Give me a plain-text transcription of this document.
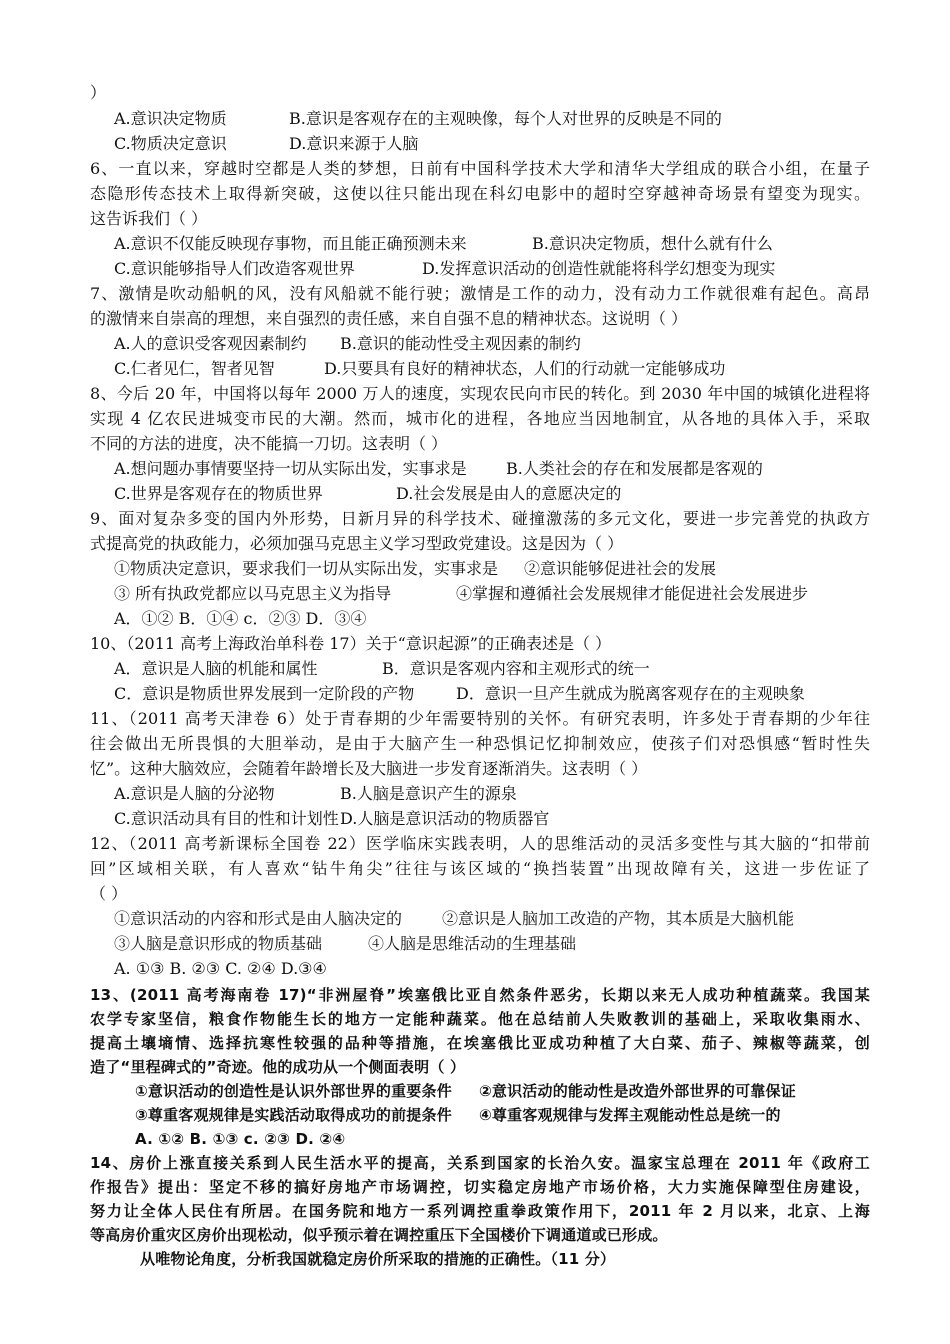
）
A.意识决定物质	B.意识是客观存在的主观映像，每个人对世界的反映是不同的
C.物质决定意识	D.意识来源于人脑
6、一直以来，穿越时空都是人类的梦想，日前有中国科学技术大学和清华大学组成的联合小组，在量子
态隐形传态技术上取得新突破，这使以往只能出现在科幻电影中的超时空穿越神奇场景有望变为现实。
这告诉我们（ ）
A.意识不仅能反映现存事物，而且能正确预测未来	B.意识决定物质，想什么就有什么
C.意识能够指导人们改造客观世界	D.发挥意识活动的创造性就能将科学幻想变为现实
7、激情是吹动船帆的风，没有风船就不能行驶；激情是工作的动力，没有动力工作就很难有起色。高昂
的激情来自崇高的理想，来自强烈的责任感，来自自强不息的精神状态。这说明（ ）
A.人的意识受客观因素制约 B.意识的能动性受主观因素的制约
C.仁者见仁，智者见智	D.只要具有良好的精神状态，人们的行动就一定能够成功
8、今后 20 年，中国将以每年 2000 万人的速度，实现农民向市民的转化。到 2030 年中国的城镇化进程将
实现 4 亿农民进城变市民的大潮。然而，城市化的进程，各地应当因地制宜，从各地的具体入手，采取
不同的方法的进度，决不能搞一刀切。这表明（ ）
A.想问题办事情要坚持一切从实际出发，实事求是 B.人类社会的存在和发展都是客观的
C.世界是客观存在的物质世界	D.社会发展是由人的意愿决定的
9、面对复杂多变的国内外形势，日新月异的科学技术、碰撞激荡的多元文化，要进一步完善党的执政方
式提高党的执政能力，必须加强马克思主义学习型政党建设。这是因为（ ）
①物质决定意识，要求我们一切从实际出发，实事求是 ②意识能够促进社会的发展
③ 所有执政党都应以马克思主义为指导	④掌握和遵循社会发展规律才能促进社会发展进步
A．①② B．①④ c．②③ D．③④
10、（2011 高考上海政治单科卷 17）关于“意识起源”的正确表述是（ ）
A．意识是人脑的机能和属性	B．意识是客观内容和主观形式的统一
C．意识是物质世界发展到一定阶段的产物	D．意识一旦产生就成为脱离客观存在的主观映象
11、（2011 高考天津卷 6）处于青春期的少年需要特别的关怀。有研究表明，许多处于青春期的少年往
往会做出无所畏惧的大胆举动，是由于大脑产生一种恐惧记忆抑制效应，使孩子们对恐惧感“暂时性失
忆”。这种大脑效应，会随着年龄增长及大脑进一步发育逐渐消失。这表明（ ）
A.意识是人脑的分泌物	B.人脑是意识产生的源泉
C.意识活动具有目的性和计划性D.人脑是意识活动的物质器官
12、（2011 高考新课标全国卷 22）医学临床实践表明，人的思维活动的灵活多变性与其大脑的“扣带前
回”区域相关联，有人喜欢“钻牛角尖”往往与该区域的“换挡装置”出现故障有关，这进一步佐证了
（ ）
①意识活动的内容和形式是由人脑决定的 ②意识是人脑加工改造的产物，其本质是大脑机能
③人脑是意识形成的物质基础	④人脑是思维活动的生理基础
A. ①③ B. ②③ C. ②④ D.③④
13、(2011 高考海南卷 17)“非洲屋脊”埃塞俄比亚自然条件恶劣，长期以来无人成功种植蔬菜。我国某
农学专家坚信，粮食作物能生长的地方一定能种蔬菜。他在总结前人失败教训的基础上，采取收集雨水、
提高土壤墒情、选择抗寒性较强的品种等措施，在埃塞俄比亚成功种植了大白菜、茄子、辣椒等蔬菜，创
造了“里程碑式的”奇迹。他的成功从一个侧面表明（ ）
①意识活动的创造性是认识外部世界的重要条件 ②意识活动的能动性是改造外部世界的可靠保证
③尊重客观规律是实践活动取得成功的前提条件 ④尊重客观规律与发挥主观能动性总是统一的
A. ①② B. ①③ c. ②③ D. ②④
14、房价上涨直接关系到人民生活水平的提高，关系到国家的长治久安。温家宝总理在 2011 年《政府工
作报告》提出：坚定不移的搞好房地产市场调控，切实稳定房地产市场价格，大力实施保障型住房建设，
努力让全体人民住有所居。在国务院和地方一系列调控重拳政策作用下，2011 年 2 月以来，北京、上海
等高房价重灾区房价出现松动，似乎预示着在调控重压下全国楼价下调通道或已形成。
从唯物论角度，分析我国就稳定房价所采取的措施的正确性。（11 分）
